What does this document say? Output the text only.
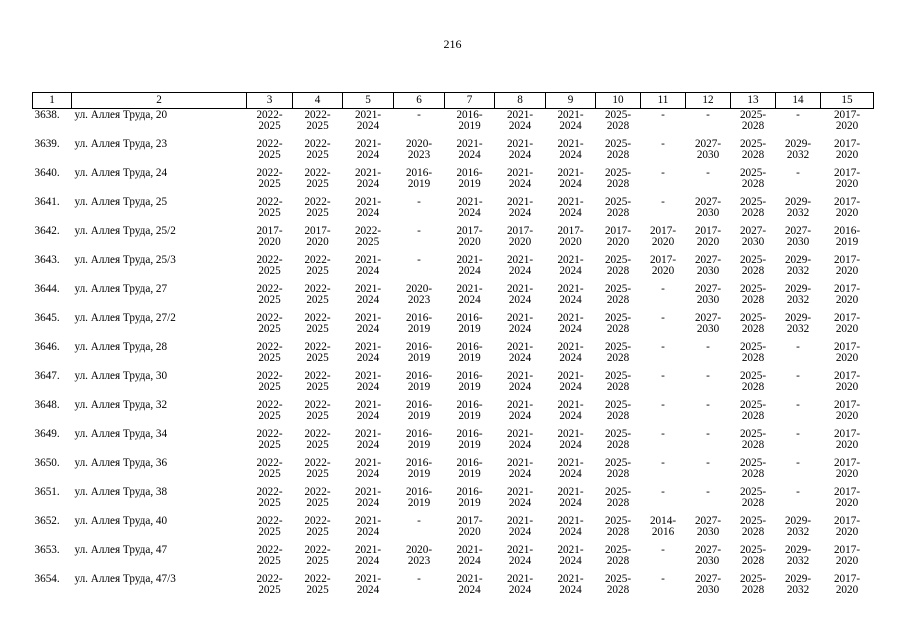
216
1	2	3	4	5	6	7	8	9	10	11	12	13	14	15
3638.	ул. Аллея Труда, 20	2022-
2025	2022-
2025	2021-
2024	-	2016-
2019	2021-
2024	2021-
2024	2025-
2028	-	-	2025-
2028	-	2017-
2020

3639.	ул. Аллея Труда, 23	2022-
2025	2022-
2025	2021-
2024	2020-
2023	2021-
2024	2021-
2024	2021-
2024	2025-
2028	-	2027-
2030	2025-
2028	2029-
2032	2017-
2020

3640.	ул. Аллея Труда, 24	2022-
2025	2022-
2025	2021-
2024	2016-
2019	2016-
2019	2021-
2024	2021-
2024	2025-
2028	-	-	2025-
2028	-	2017-
2020

3641.	ул. Аллея Труда, 25	2022-
2025	2022-
2025	2021-
2024	-	2021-
2024	2021-
2024	2021-
2024	2025-
2028	-	2027-
2030	2025-
2028	2029-
2032	2017-
2020

3642.	ул. Аллея Труда, 25/2	2017-
2020	2017-
2020	2022-
2025	-	2017-
2020	2017-
2020	2017-
2020	2017-
2020	2017-
2020	2017-
2020	2027-
2030	2027-
2030	2016-
2019

3643.	ул. Аллея Труда, 25/3	2022-
2025	2022-
2025	2021-
2024	-	2021-
2024	2021-
2024	2021-
2024	2025-
2028	2017-
2020	2027-
2030	2025-
2028	2029-
2032	2017-
2020

3644.	ул. Аллея Труда, 27	2022-
2025	2022-
2025	2021-
2024	2020-
2023	2021-
2024	2021-
2024	2021-
2024	2025-
2028	-	2027-
2030	2025-
2028	2029-
2032	2017-
2020

3645.	ул. Аллея Труда, 27/2	2022-
2025	2022-
2025	2021-
2024	2016-
2019	2016-
2019	2021-
2024	2021-
2024	2025-
2028	-	2027-
2030	2025-
2028	2029-
2032	2017-
2020

3646.	ул. Аллея Труда, 28	2022-
2025	2022-
2025	2021-
2024	2016-
2019	2016-
2019	2021-
2024	2021-
2024	2025-
2028	-	-	2025-
2028	-	2017-
2020

3647.	ул. Аллея Труда, 30	2022-
2025	2022-
2025	2021-
2024	2016-
2019	2016-
2019	2021-
2024	2021-
2024	2025-
2028	-	-	2025-
2028	-	2017-
2020

3648.	ул. Аллея Труда, 32	2022-
2025	2022-
2025	2021-
2024	2016-
2019	2016-
2019	2021-
2024	2021-
2024	2025-
2028	-	-	2025-
2028	-	2017-
2020

3649.	ул. Аллея Труда, 34	2022-
2025	2022-
2025	2021-
2024	2016-
2019	2016-
2019	2021-
2024	2021-
2024	2025-
2028	-	-	2025-
2028	-	2017-
2020

3650.	ул. Аллея Труда, 36	2022-
2025	2022-
2025	2021-
2024	2016-
2019	2016-
2019	2021-
2024	2021-
2024	2025-
2028	-	-	2025-
2028	-	2017-
2020

3651.	ул. Аллея Труда, 38	2022-
2025	2022-
2025	2021-
2024	2016-
2019	2016-
2019	2021-
2024	2021-
2024	2025-
2028	-	-	2025-
2028	-	2017-
2020

3652.	ул. Аллея Труда, 40	2022-
2025	2022-
2025	2021-
2024	-	2017-
2020	2021-
2024	2021-
2024	2025-
2028	2014-
2016	2027-
2030	2025-
2028	2029-
2032	2017-
2020

3653.	ул. Аллея Труда, 47	2022-
2025	2022-
2025	2021-
2024	2020-
2023	2021-
2024	2021-
2024	2021-
2024	2025-
2028	-	2027-
2030	2025-
2028	2029-
2032	2017-
2020

3654.	ул. Аллея Труда, 47/3	2022-
2025	2022-
2025	2021-
2024	-	2021-
2024	2021-
2024	2021-
2024	2025-
2028	-	2027-
2030	2025-
2028	2029-
2032	2017-
2020
